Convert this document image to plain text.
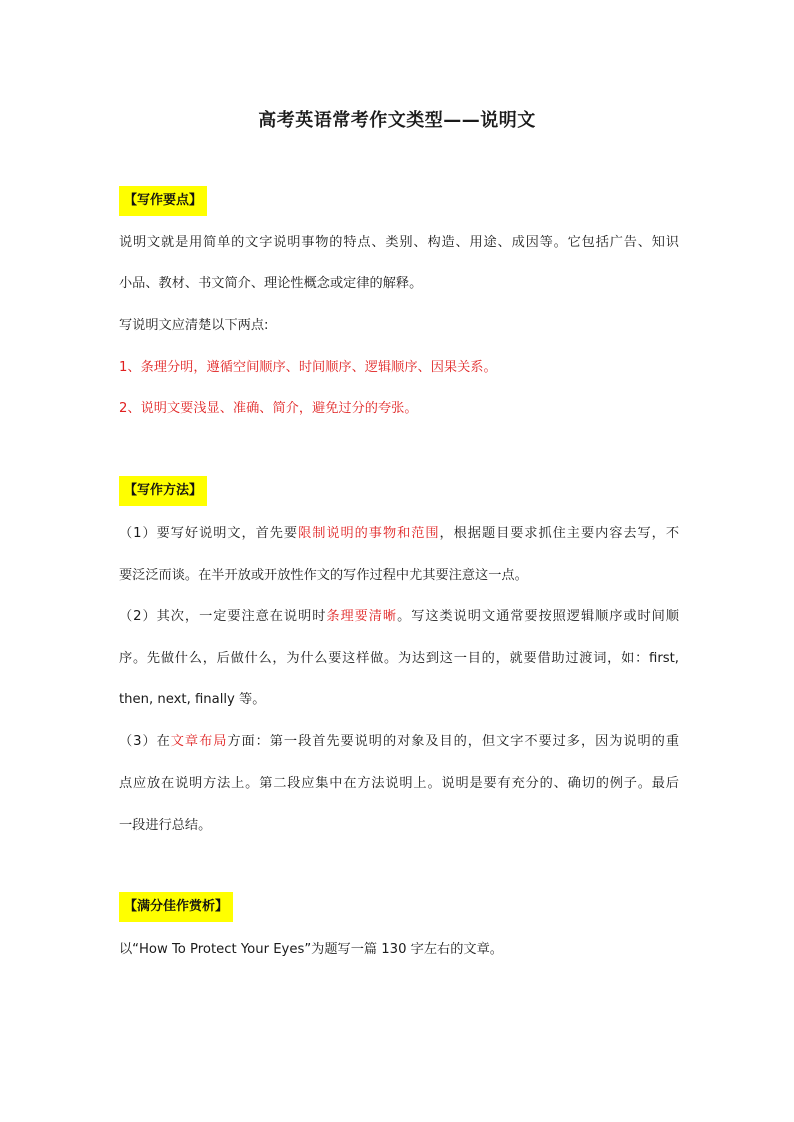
高考英语常考作文类型——说明文
【写作要点】

说明文就是用简单的文字说明事物的特点、类别、构造、用途、成因等。它包括广告、知识

小品、教材、书文简介、理论性概念或定律的解释。

写说明文应清楚以下两点:

1、条理分明，遵循空间顺序、时间顺序、逻辑顺序、因果关系。

2、说明文要浅显、准确、简介，避免过分的夸张。

【写作方法】

（1）要写好说明文，首先要限制说明的事物和范围，根据题目要求抓住主要内容去写，不

要泛泛而谈。在半开放或开放性作文的写作过程中尤其要注意这一点。

（2）其次，一定要注意在说明时条理要清晰。写这类说明文通常要按照逻辑顺序或时间顺

序。先做什么，后做什么，为什么要这样做。为达到这一目的，就要借助过渡词，如：first,

then, next, finally 等。

（3）在文章布局方面：第一段首先要说明的对象及目的，但文字不要过多，因为说明的重

点应放在说明方法上。第二段应集中在方法说明上。说明是要有充分的、确切的例子。最后

一段进行总结。

【满分佳作赏析】

以“How To Protect Your Eyes”为题写一篇 130 字左右的文章。
